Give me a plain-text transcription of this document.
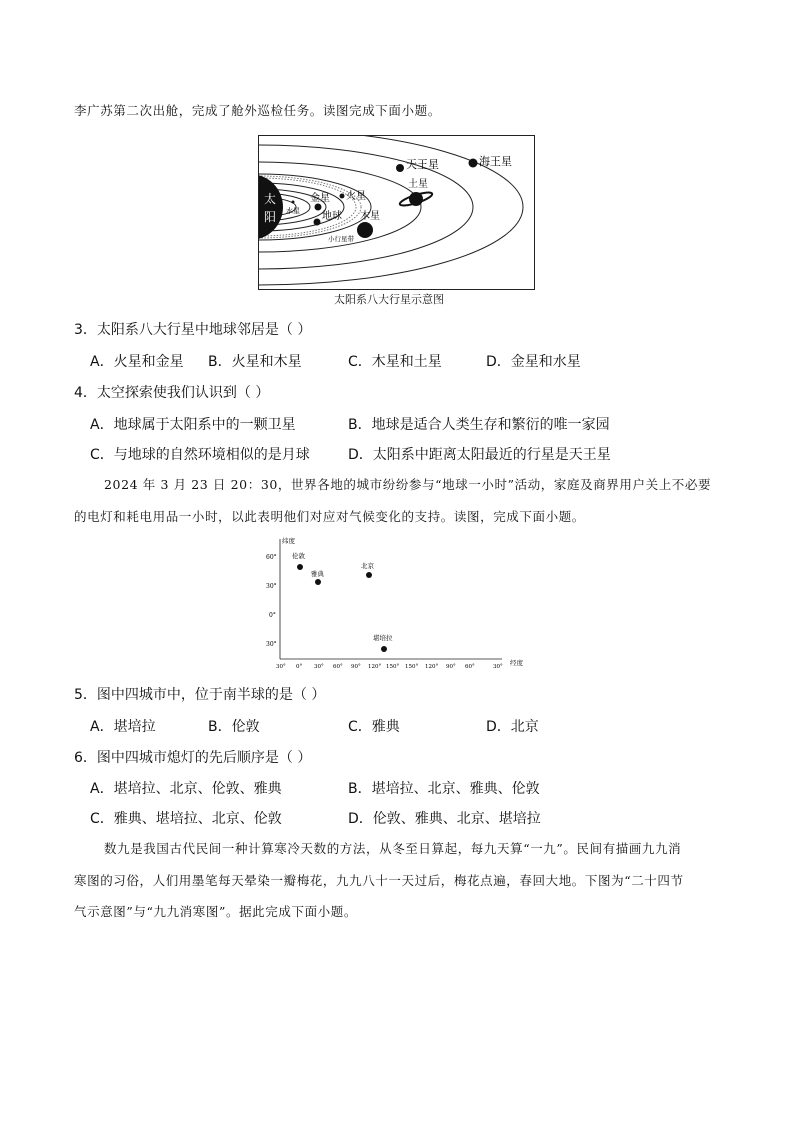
李广苏第二次出舱，完成了舱外巡检任务。读图完成下面小题。
太
阳 水星
金星
地球
火星
小行星带
木星
土星
天王星	海王星
太阳系八大行星示意图
3．太阳系八大行星中地球邻居是（ ）
A．火星和金星 B．火星和木星	C．木星和土星	D．金星和水星
4．太空探索使我们认识到（ ）
A．地球属于太阳系中的一颗卫星	B．地球是适合人类生存和繁衍的唯一家园
C．与地球的自然环境相似的是月球	D．太阳系中距离太阳最近的行星是天王星
2024 年 3 月 23 日 20：30，世界各地的城市纷纷参与“地球一小时”活动，家庭及商界用户关上不必要
的电灯和耗电用品一小时，以此表明他们对应对气候变化的支持。读图，完成下面小题。
纬度
经度
60°
30°
0°
30°
30° 0° 30° 60° 90° 120° 150° 150° 120° 90° 60°	30°
伦敦
雅典
北京
堪培拉
5．图中四城市中，位于南半球的是（ ）
A．堪培拉	B．伦敦	C．雅典	D．北京
6．图中四城市熄灯的先后顺序是（ ）
A．堪培拉、北京、伦敦、雅典	B．堪培拉、北京、雅典、伦敦
C．雅典、堪培拉、北京、伦敦	D．伦敦、雅典、北京、堪培拉
数九是我国古代民间一种计算寒冷天数的方法，从冬至日算起，每九天算“一九”。民间有描画九九消
寒图的习俗，人们用墨笔每天晕染一瓣梅花，九九八十一天过后，梅花点遍，春回大地。下图为“二十四节
气示意图”与“九九消寒图”。据此完成下面小题。
